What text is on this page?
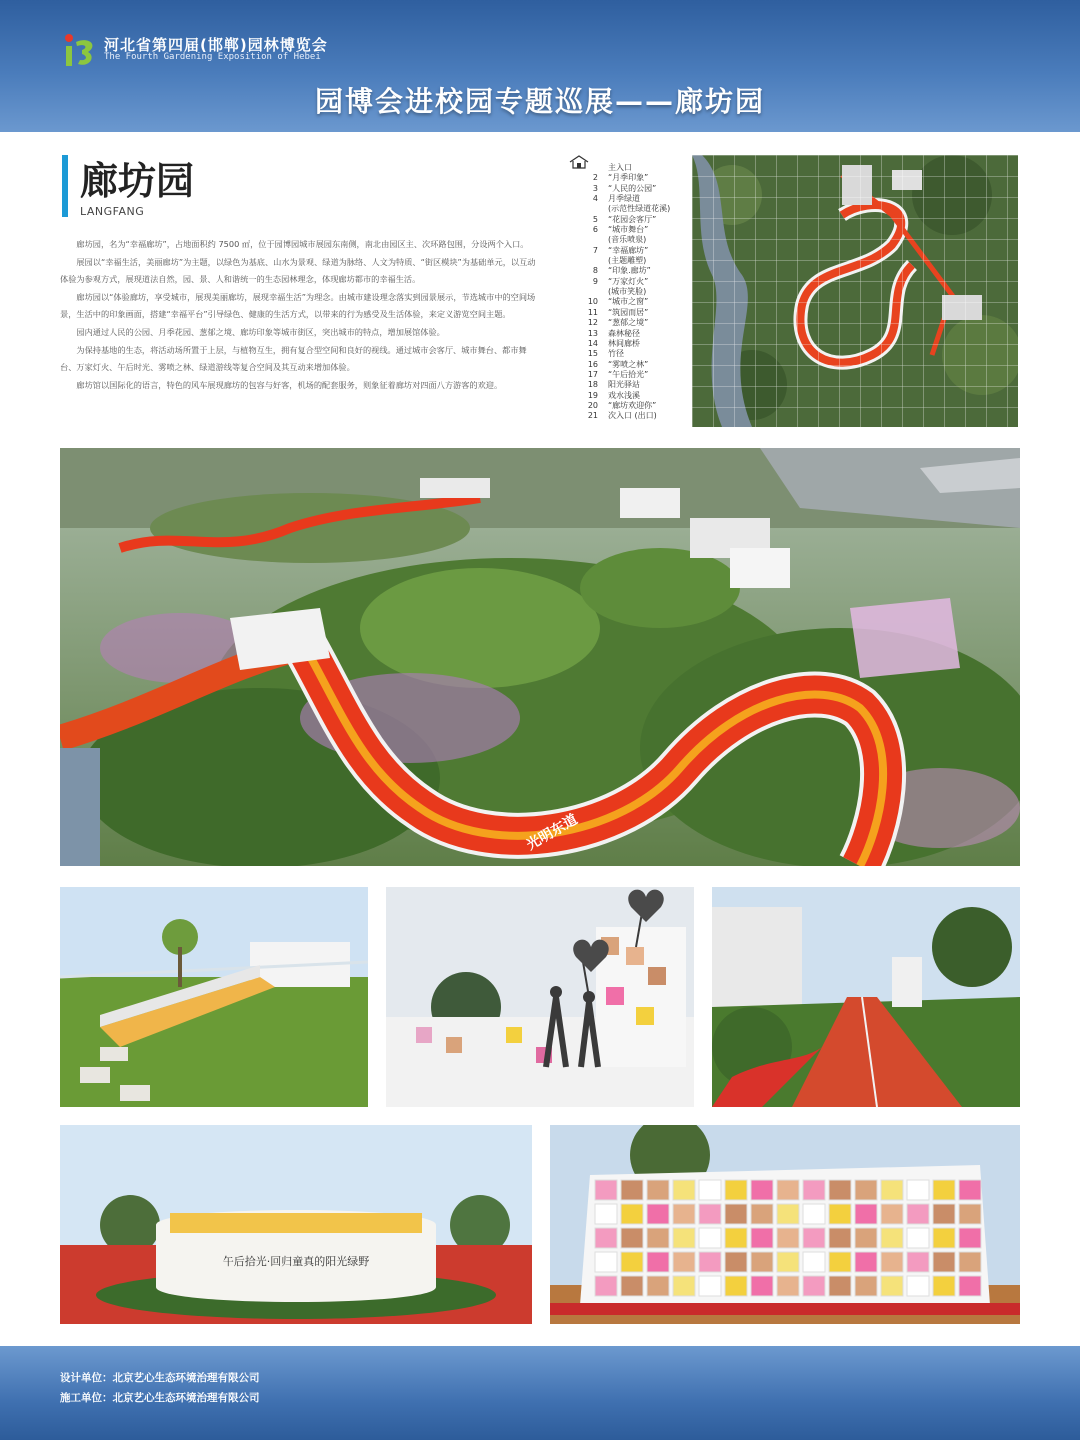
河北省第四届(邯郸)园林博览会
The Fourth Gardening Exposition of Hebei
园博会进校园专题巡展——廊坊园
廊坊园
LANGFANG

廊坊园，名为“幸福廊坊”，占地面积约 7500 ㎡，位于园博园城市展园东南侧，南北由园区主、次环路包围，分设两个入口。

展园以“幸福生活，美丽廊坊”为主题，以绿色为基底、山水为景观、绿道为脉络、人文为特质、“街区模块”为基础单元，以互动体验为参观方式，展现道法自然，园、景、人和谐统一的生态园林理念，体现廊坊都市的幸福生活。

廊坊园以“体验廊坊，享受城市，展现美丽廊坊，展现幸福生活”为理念。由城市建设理念落实到园景展示，节选城市中的空间场景，生活中的印象画面，搭建“幸福平台”引导绿色、健康的生活方式，以带来的行为感受及生活体验，来定义游览空间主题。

园内通过人民的公园、月季花园、葱郁之境、廊坊印象等城市街区，突出城市的特点，增加展馆体验。

为保持基地的生态，将活动场所置于上层，与植物互生，拥有复合型空间和良好的视线。通过城市会客厅、城市舞台、都市舞台、万家灯火、午后时光、雾喷之林、绿道游线等复合空间及其互动来增加体验。

廊坊馆以国际化的语言，特色的风车展现廊坊的包容与好客，机场的配套服务，则象征着廊坊对四面八方游客的欢迎。

主入口
2	“月季印象”
3	“人民的公园”
4	月季绿道
(示范性绿道花溪)
5	“花园会客厅”
6	“城市舞台”
(音乐喷泉)
7	“幸福廊坊”
(主题雕塑)
8	“印象.廊坊”
9	“万家灯火”
(城市笑脸)
10	“城市之窗”
11	“筑园而居”
12	“葱郁之境”
13	森林秘径
14	林间廊桥
15	竹径
16	“雾喷之林”
17	“午后拾光”
18	阳光驿站
19	戏水浅溪
20	“廊坊欢迎你”
21	次入口 (出口)
光明东道
午后拾光·回归童真的阳光绿野
设计单位：北京艺心生态环境治理有限公司
施工单位：北京艺心生态环境治理有限公司
